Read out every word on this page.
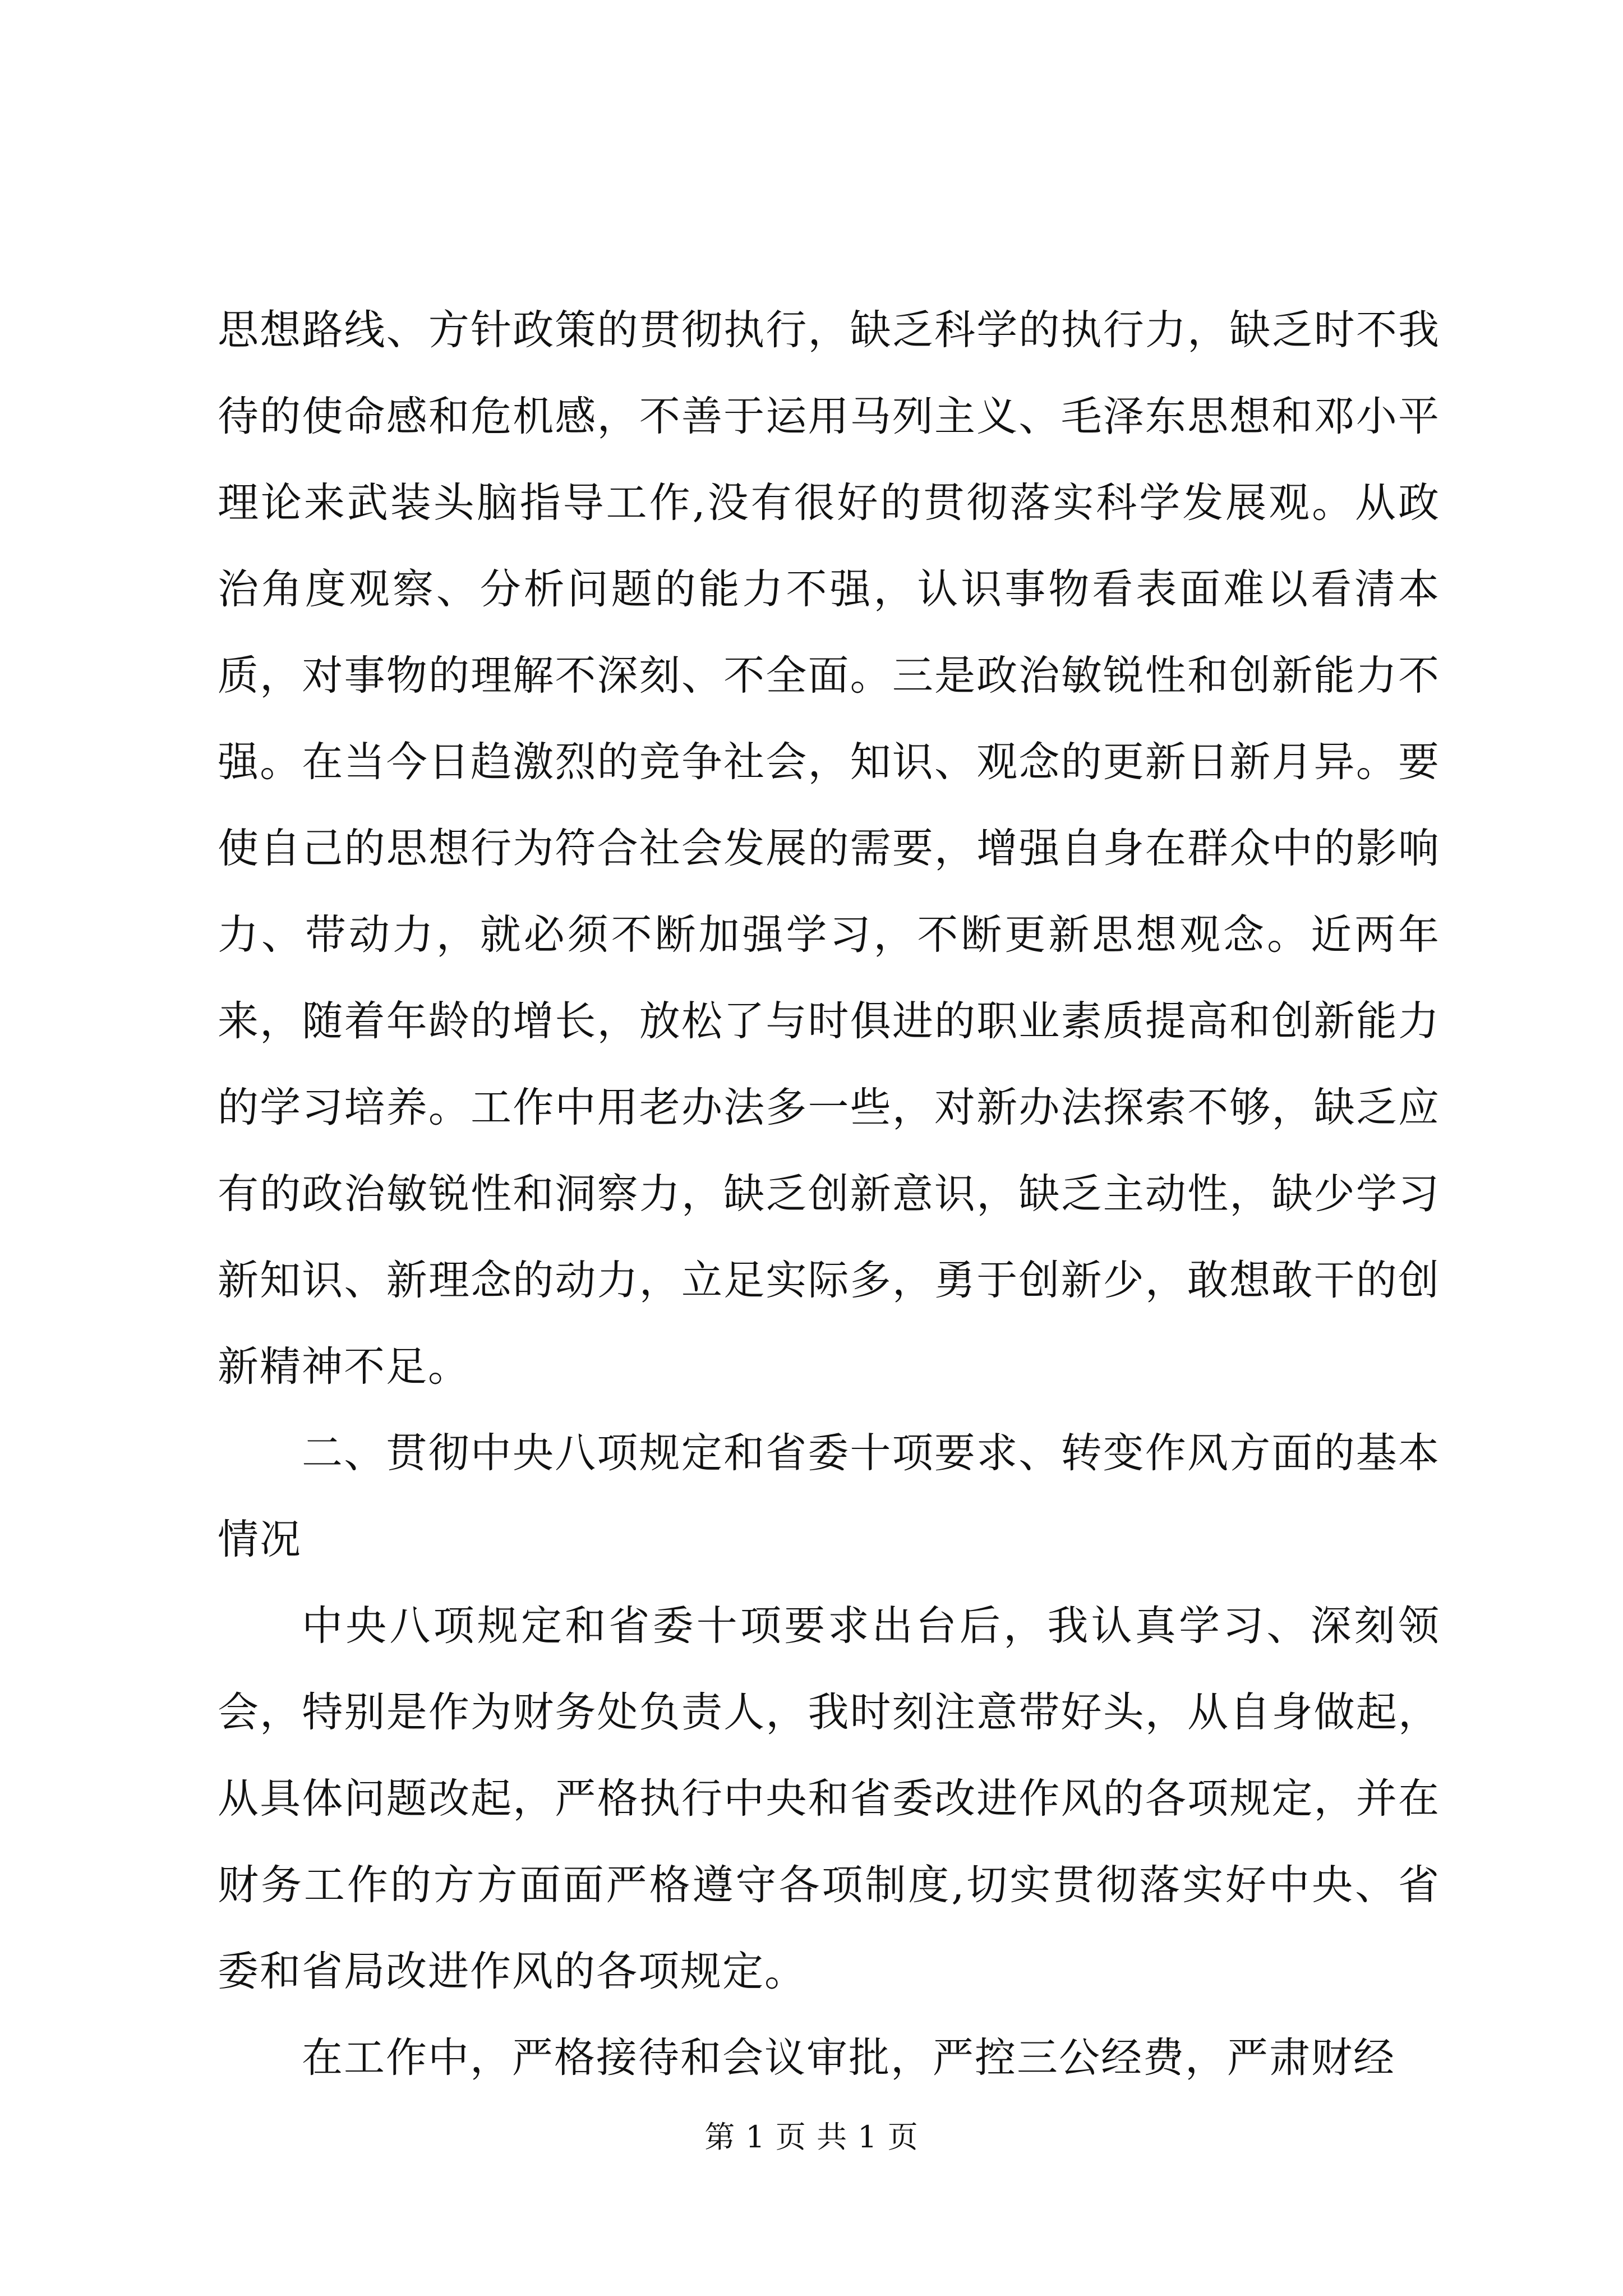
思想路线、方针政策的贯彻执行，缺乏科学的执行力，缺乏时不我待的使命感和危机感，不善于运用马列主义、毛泽东思想和邓小平理论来武装头脑指导工作,没有很好的贯彻落实科学发展观。从政治角度观察、分析问题的能力不强，认识事物看表面难以看清本质，对事物的理解不深刻、不全面。三是政治敏锐性和创新能力不强。在当今日趋激烈的竞争社会，知识、观念的更新日新月异。要使自己的思想行为符合社会发展的需要，增强自身在群众中的影响力、带动力，就必须不断加强学习，不断更新思想观念。近两年来，随着年龄的增长，放松了与时俱进的职业素质提高和创新能力的学习培养。工作中用老办法多一些，对新办法探索不够，缺乏应有的政治敏锐性和洞察力，缺乏创新意识，缺乏主动性，缺少学习新知识、新理念的动力，立足实际多，勇于创新少，敢想敢干的创新精神不足。

二、贯彻中央八项规定和省委十项要求、转变作风方面的基本情况

中央八项规定和省委十项要求出台后，我认真学习、深刻领会，特别是作为财务处负责人，我时刻注意带好头，从自身做起，从具体问题改起，严格执行中央和省委改进作风的各项规定，并在财务工作的方方面面严格遵守各项制度,切实贯彻落实好中央、省委和省局改进作风的各项规定。

在工作中，严格接待和会议审批，严控三公经费，严肃财经

第 1 页 共 1 页
